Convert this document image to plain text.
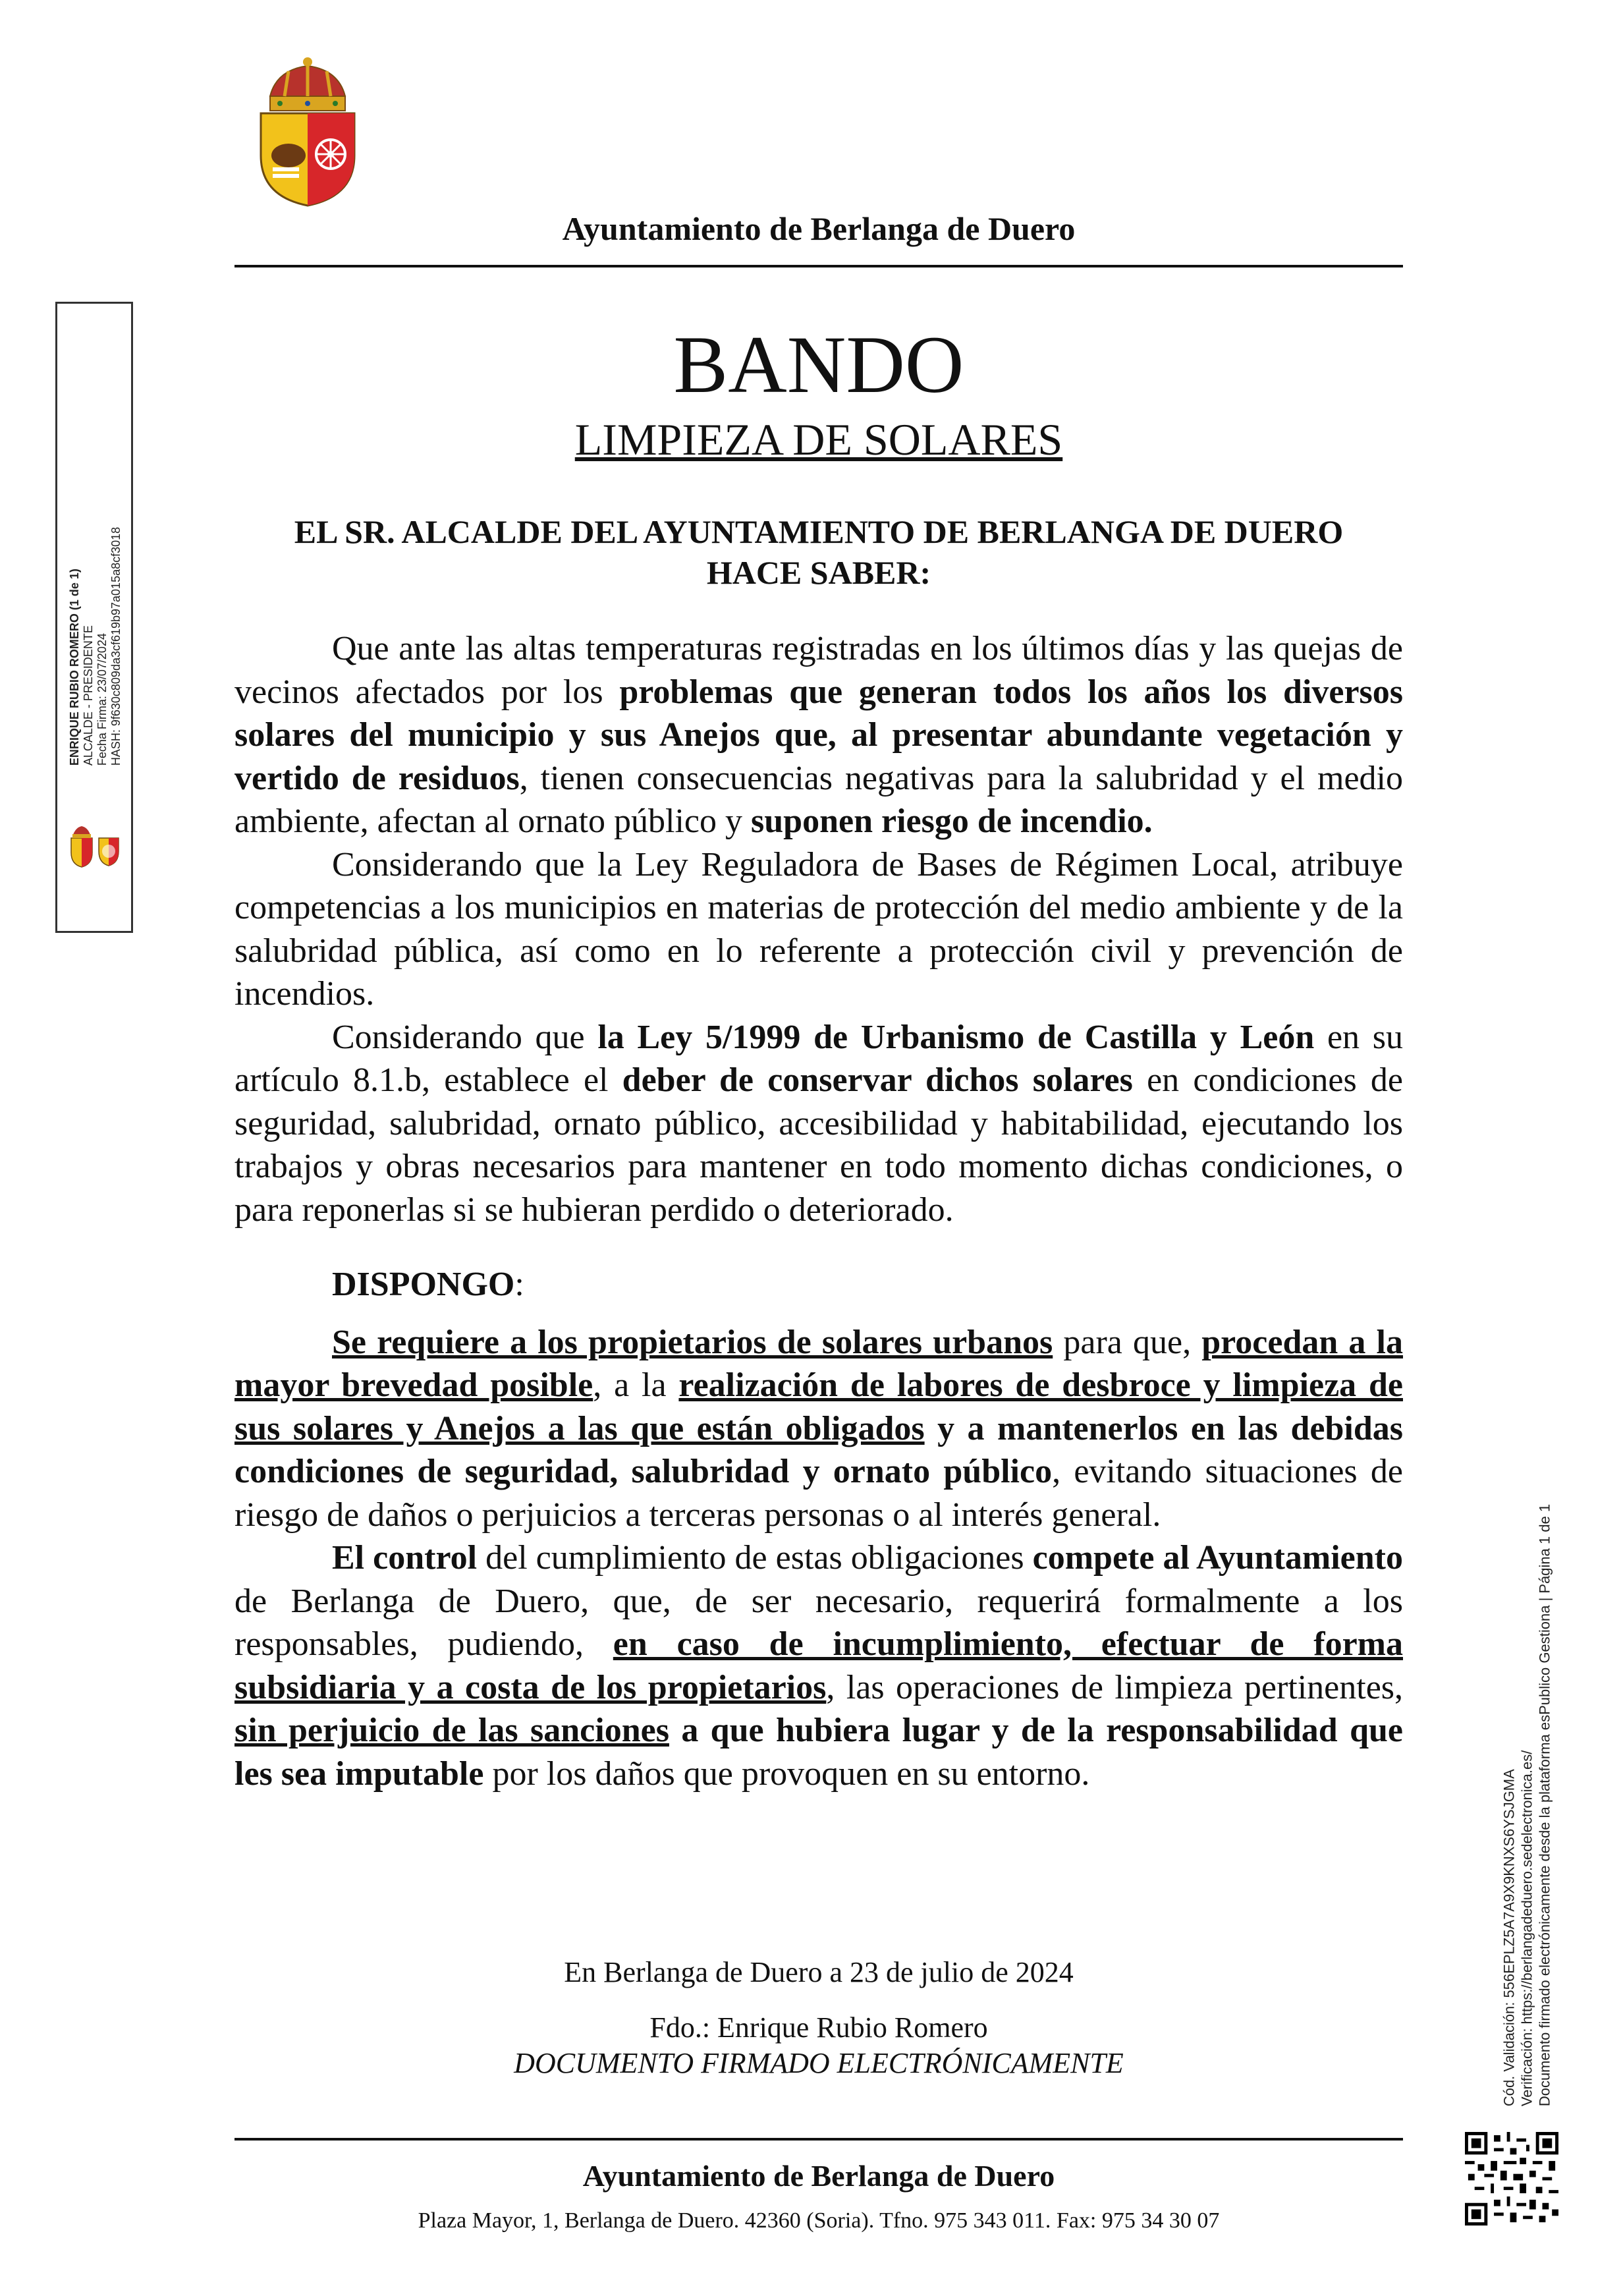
Ayuntamiento de Berlanga de Duero
BANDO
LIMPIEZA DE SOLARES
EL SR. ALCALDE DEL AYUNTAMIENTO DE BERLANGA DE DUERO
HACE SABER:

Que ante las altas temperaturas registradas en los últimos días y las quejas de vecinos afectados por los problemas que generan todos los años los diversos solares del municipio y sus Anejos que, al presentar abundante vegetación y vertido de residuos, tienen consecuencias negativas para la salubridad y el medio ambiente, afectan al ornato público y suponen riesgo de incendio.

Considerando que la Ley Reguladora de Bases de Régimen Local, atribuye competencias a los municipios en materias de protección del medio ambiente y de la salubridad pública, así como en lo referente a protección civil y prevención de incendios.

Considerando que la Ley 5/1999 de Urbanismo de Castilla y León en su artículo 8.1.b, establece el deber de conservar dichos solares en condiciones de seguridad, salubridad, ornato público, accesibilidad y habitabilidad, ejecutando los trabajos y obras necesarios para mantener en todo momento dichas condiciones, o para reponerlas si se hubieran perdido o deteriorado.

DISPONGO:

Se requiere a los propietarios de solares urbanos para que, procedan a la mayor brevedad posible, a la realización de labores de desbroce y limpieza de sus solares y Anejos a las que están obligados y a mantenerlos en las debidas condiciones de seguridad, salubridad y ornato público, evitando situaciones de riesgo de daños o perjuicios a terceras personas o al interés general.

El control del cumplimiento de estas obligaciones compete al Ayuntamiento de Berlanga de Duero, que, de ser necesario, requerirá formalmente a los responsables, pudiendo, en caso de incumplimiento, efectuar de forma subsidiaria y a costa de los propietarios, las operaciones de limpieza pertinentes, sin perjuicio de las sanciones a que hubiera lugar y de la responsabilidad que les sea imputable por los daños que provoquen en su entorno.

En Berlanga de Duero a 23 de julio de 2024
Fdo.: Enrique Rubio Romero
DOCUMENTO FIRMADO ELECTRÓNICAMENTE
Ayuntamiento de Berlanga de Duero
Plaza Mayor, 1, Berlanga de Duero. 42360 (Soria). Tfno. 975 343 011. Fax: 975 34 30 07
ENRIQUE RUBIO ROMERO (1 de 1) ALCALDE - PRESIDENTE Fecha Firma: 23/07/2024 HASH: 9f630c809da3cf619b97a015a8cf3018
Cód. Validación: 556EPLZ5A7A9X9KNXS6YSJGMA Verificación: https://berlangadeduero.sedelectronica.es/ Documento firmado electrónicamente desde la plataforma esPublico Gestiona | Página 1 de 1
